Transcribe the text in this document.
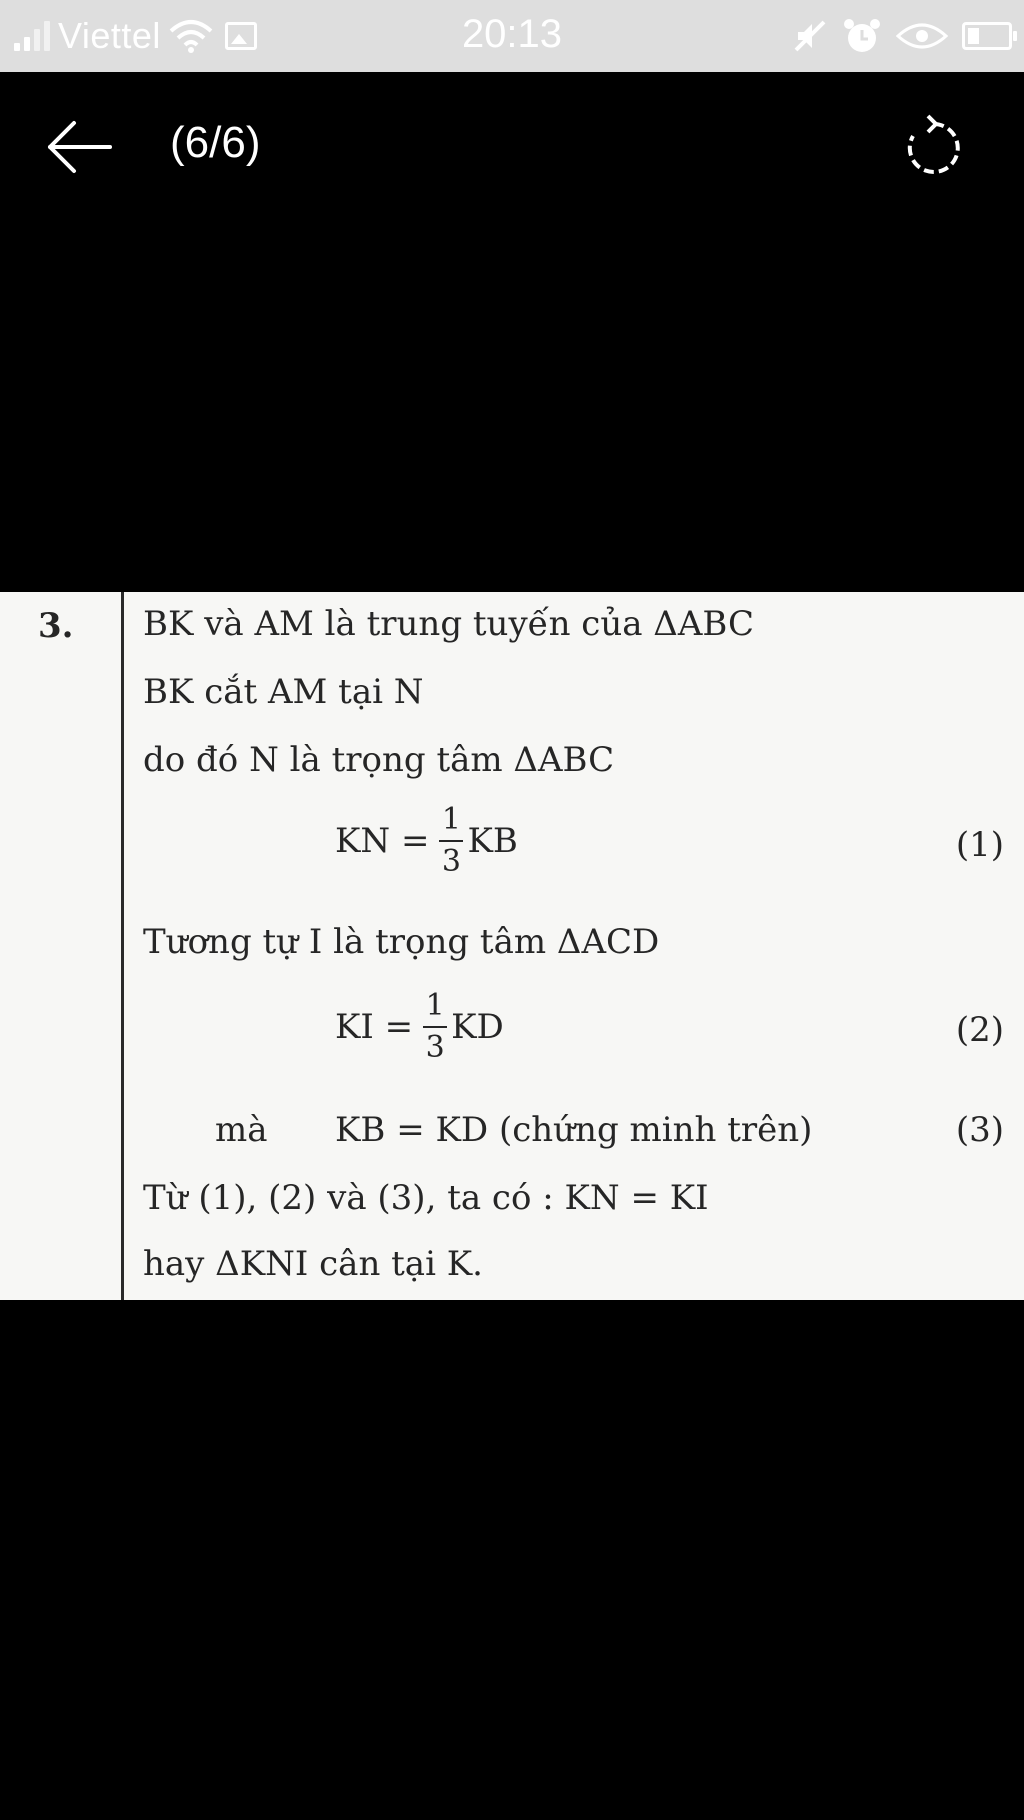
Viettel	20:13
(6/6)
3. BK và AM là trung tuyến của ΔABC
BK cắt AM tại N
do đó N là trọng tâm ΔABC
KN = $\frac{1}{3}$ KB	(1)
Tương tự I là trọng tâm ΔACD
KI = $\frac{1}{3}$ KD	(2)
mà KB = KD (chứng minh trên)	(3)
Từ (1), (2) và (3), ta có : KN = KI
hay ΔKNI cân tại K.
